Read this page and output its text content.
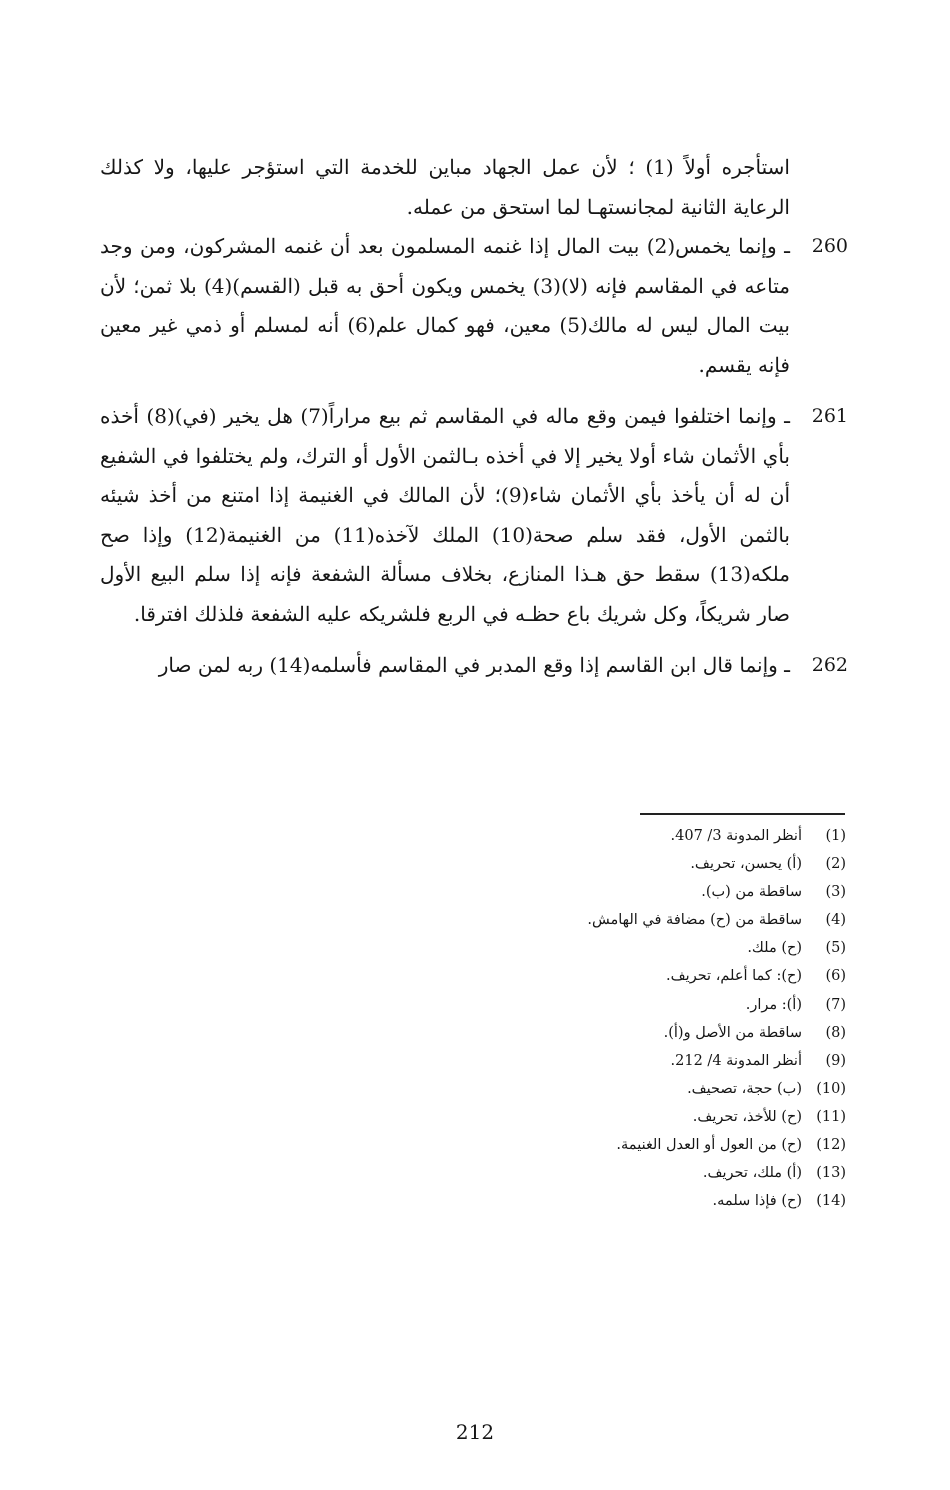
استأجره أولاً (1) ؛ لأن عمل الجهاد مباين للخدمة التي استؤجر عليها، ولا كذلك الرعاية الثانية لمجانستهـا لما استحق من عمله.

260
ـ وإنما يخمس(2) بيت المال إذا غنمه المسلمون بعد أن غنمه المشركون، ومن وجد متاعه في المقاسم فإنه (لا)(3) يخمس ويكون أحق به قبل (القسم)(4) بلا ثمن؛ لأن بيت المال ليس له مالك(5) معين، فهو كمال علم(6) أنه لمسلم أو ذمي غير معين فإنه يقسم.

261
ـ وإنما اختلفوا فيمن وقع ماله في المقاسم ثم بيع مراراً(7) هل يخير (في)(8) أخذه بأي الأثمان شاء أولا يخير إلا في أخذه بـالثمن الأول أو الترك، ولم يختلفوا في الشفيع أن له أن يأخذ بأي الأثمان شاء(9)؛ لأن المالك في الغنيمة إذا امتنع من أخذ شيئه بالثمن الأول، فقد سلم صحة(10) الملك لآخذه(11) من الغنيمة(12) وإذا صح ملكه(13) سقط حق هـذا المنازع، بخلاف مسألة الشفعة فإنه إذا سلم البيع الأول صار شريكاً، وكل شريك باع حظـه في الربع فلشريكه عليه الشفعة فلذلك افترقا.

262
ـ وإنما قال ابن القاسم إذا وقع المدبر في المقاسم فأسلمه(14) ربه لمن صار

(1)
أنظر المدونة 3/ 407.
(2)
(أ) يحسن، تحريف.
(3)
ساقطة من (ب).
(4)
ساقطة من (ح) مضافة في الهامش.
(5)
(ح) ملك.
(6)
(ح): كما أعلم، تحريف.
(7)
(أ): مرار.
(8)
ساقطة من الأصل و(أ).
(9)
أنظر المدونة 4/ 212.
(10)
(ب) حجة، تصحيف.
(11)
(ح) للأخذ، تحريف.
(12)
(ح) من العول أو العدل الغنيمة.
(13)
(أ) ملك، تحريف.
(14)
(ح) فإذا سلمه.
212
